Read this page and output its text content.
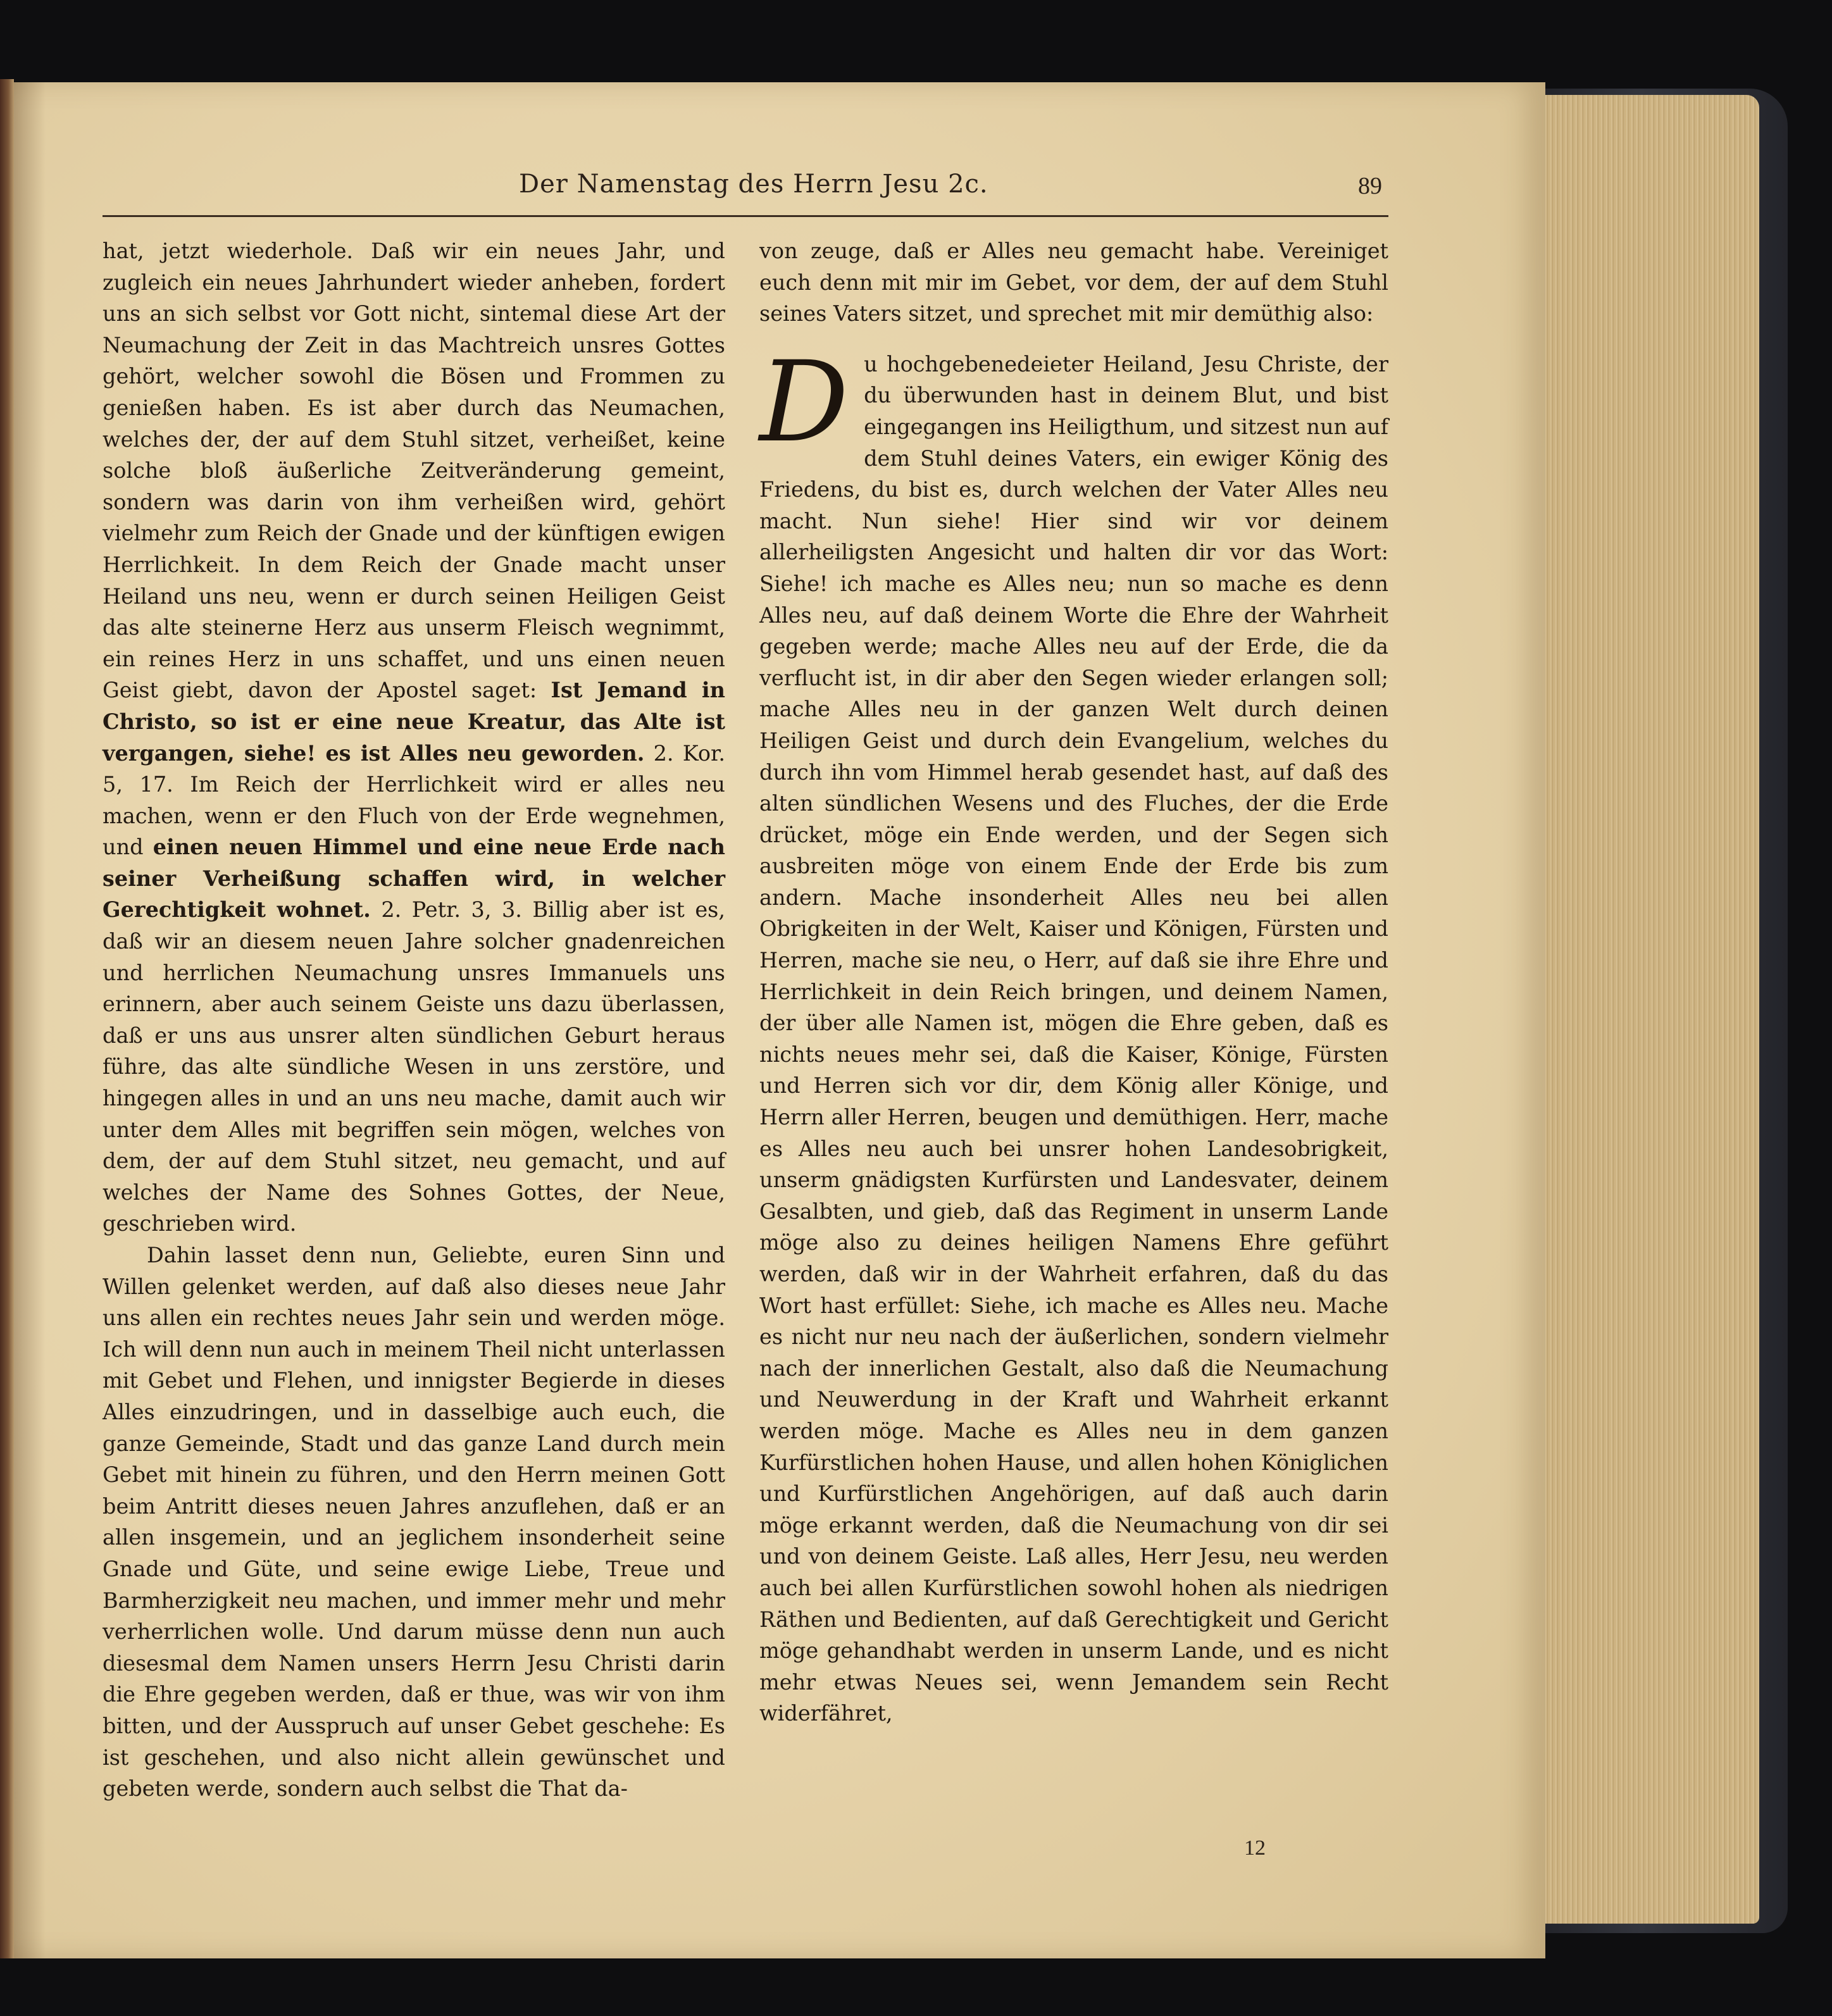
Der Namenstag des Herrn Jesu 2c.	89

hat, jetzt wiederhole. Daß wir ein neues Jahr, und zugleich ein neues Jahrhundert wieder anheben, fordert uns an sich selbst vor Gott nicht, sintemal diese Art der Neumachung der Zeit in das Machtreich unsres Gottes gehört, welcher sowohl die Bösen und Frommen zu genießen haben. Es ist aber durch das Neumachen, welches der, der auf dem Stuhl sitzet, verheißet, keine solche bloß äußerliche Zeitveränderung gemeint, sondern was darin von ihm verheißen wird, gehört vielmehr zum Reich der Gnade und der künftigen ewigen Herrlichkeit. In dem Reich der Gnade macht unser Heiland uns neu, wenn er durch seinen Heiligen Geist das alte steinerne Herz aus unserm Fleisch wegnimmt, ein reines Herz in uns schaffet, und uns einen neuen Geist giebt, davon der Apostel saget: Ist Jemand in Christo, so ist er eine neue Kreatur, das Alte ist vergangen, siehe! es ist Alles neu geworden. 2. Kor. 5, 17. Im Reich der Herrlichkeit wird er alles neu machen, wenn er den Fluch von der Erde wegnehmen, und einen neuen Himmel und eine neue Erde nach seiner Verheißung schaffen wird, in welcher Gerechtigkeit wohnet. 2. Petr. 3, 3. Billig aber ist es, daß wir an diesem neuen Jahre solcher gnadenreichen und herrlichen Neumachung unsres Immanuels uns erinnern, aber auch seinem Geiste uns dazu überlassen, daß er uns aus unsrer alten sündlichen Geburt heraus führe, das alte sündliche Wesen in uns zerstöre, und hingegen alles in und an uns neu mache, damit auch wir unter dem Alles mit begriffen sein mögen, welches von dem, der auf dem Stuhl sitzet, neu gemacht, und auf welches der Name des Sohnes Gottes, der Neue, geschrieben wird.

Dahin lasset denn nun, Geliebte, euren Sinn und Willen gelenket werden, auf daß also dieses neue Jahr uns allen ein rechtes neues Jahr sein und werden möge. Ich will denn nun auch in meinem Theil nicht unterlassen mit Gebet und Flehen, und innigster Begierde in dieses Alles einzudringen, und in dasselbige auch euch, die ganze Gemeinde, Stadt und das ganze Land durch mein Gebet mit hinein zu führen, und den Herrn meinen Gott beim Antritt dieses neuen Jahres anzuflehen, daß er an allen insgemein, und an jeglichem insonderheit seine Gnade und Güte, und seine ewige Liebe, Treue und Barmherzigkeit neu machen, und immer mehr und mehr verherrlichen wolle. Und darum müsse denn nun auch diesesmal dem Namen unsers Herrn Jesu Christi darin die Ehre gegeben werden, daß er thue, was wir von ihm bitten, und der Ausspruch auf unser Gebet geschehe: Es ist geschehen, und also nicht allein gewünschet und gebeten werde, sondern auch selbst die That da-

von zeuge, daß er Alles neu gemacht habe. Vereiniget euch denn mit mir im Gebet, vor dem, der auf dem Stuhl seines Vaters sitzet, und sprechet mit mir demüthig also:

D u hochgebenedeieter Heiland, Jesu Christe, der du überwunden hast in deinem Blut, und bist eingegangen ins Heiligthum, und sitzest nun auf dem Stuhl deines Vaters, ein ewiger König des Friedens, du bist es, durch welchen der Vater Alles neu macht. Nun siehe! Hier sind wir vor deinem allerheiligsten Angesicht und halten dir vor das Wort: Siehe! ich mache es Alles neu; nun so mache es denn Alles neu, auf daß deinem Worte die Ehre der Wahrheit gegeben werde; mache Alles neu auf der Erde, die da verflucht ist, in dir aber den Segen wieder erlangen soll; mache Alles neu in der ganzen Welt durch deinen Heiligen Geist und durch dein Evangelium, welches du durch ihn vom Himmel herab gesendet hast, auf daß des alten sündlichen Wesens und des Fluches, der die Erde drücket, möge ein Ende werden, und der Segen sich ausbreiten möge von einem Ende der Erde bis zum andern. Mache insonderheit Alles neu bei allen Obrigkeiten in der Welt, Kaiser und Königen, Fürsten und Herren, mache sie neu, o Herr, auf daß sie ihre Ehre und Herrlichkeit in dein Reich bringen, und deinem Namen, der über alle Namen ist, mögen die Ehre geben, daß es nichts neues mehr sei, daß die Kaiser, Könige, Fürsten und Herren sich vor dir, dem König aller Könige, und Herrn aller Herren, beugen und demüthigen. Herr, mache es Alles neu auch bei unsrer hohen Landesobrigkeit, unserm gnädigsten Kurfürsten und Landesvater, deinem Gesalbten, und gieb, daß das Regiment in unserm Lande möge also zu deines heiligen Namens Ehre geführt werden, daß wir in der Wahrheit erfahren, daß du das Wort hast erfüllet: Siehe, ich mache es Alles neu. Mache es nicht nur neu nach der äußerlichen, sondern vielmehr nach der innerlichen Gestalt, also daß die Neumachung und Neuwerdung in der Kraft und Wahrheit erkannt werden möge. Mache es Alles neu in dem ganzen Kurfürstlichen hohen Hause, und allen hohen Königlichen und Kurfürstlichen Angehörigen, auf daß auch darin möge erkannt werden, daß die Neumachung von dir sei und von deinem Geiste. Laß alles, Herr Jesu, neu werden auch bei allen Kurfürstlichen sowohl hohen als niedrigen Räthen und Bedienten, auf daß Gerechtigkeit und Gericht möge gehandhabt werden in unserm Lande, und es nicht mehr etwas Neues sei, wenn Jemandem sein Recht widerfähret,

12
